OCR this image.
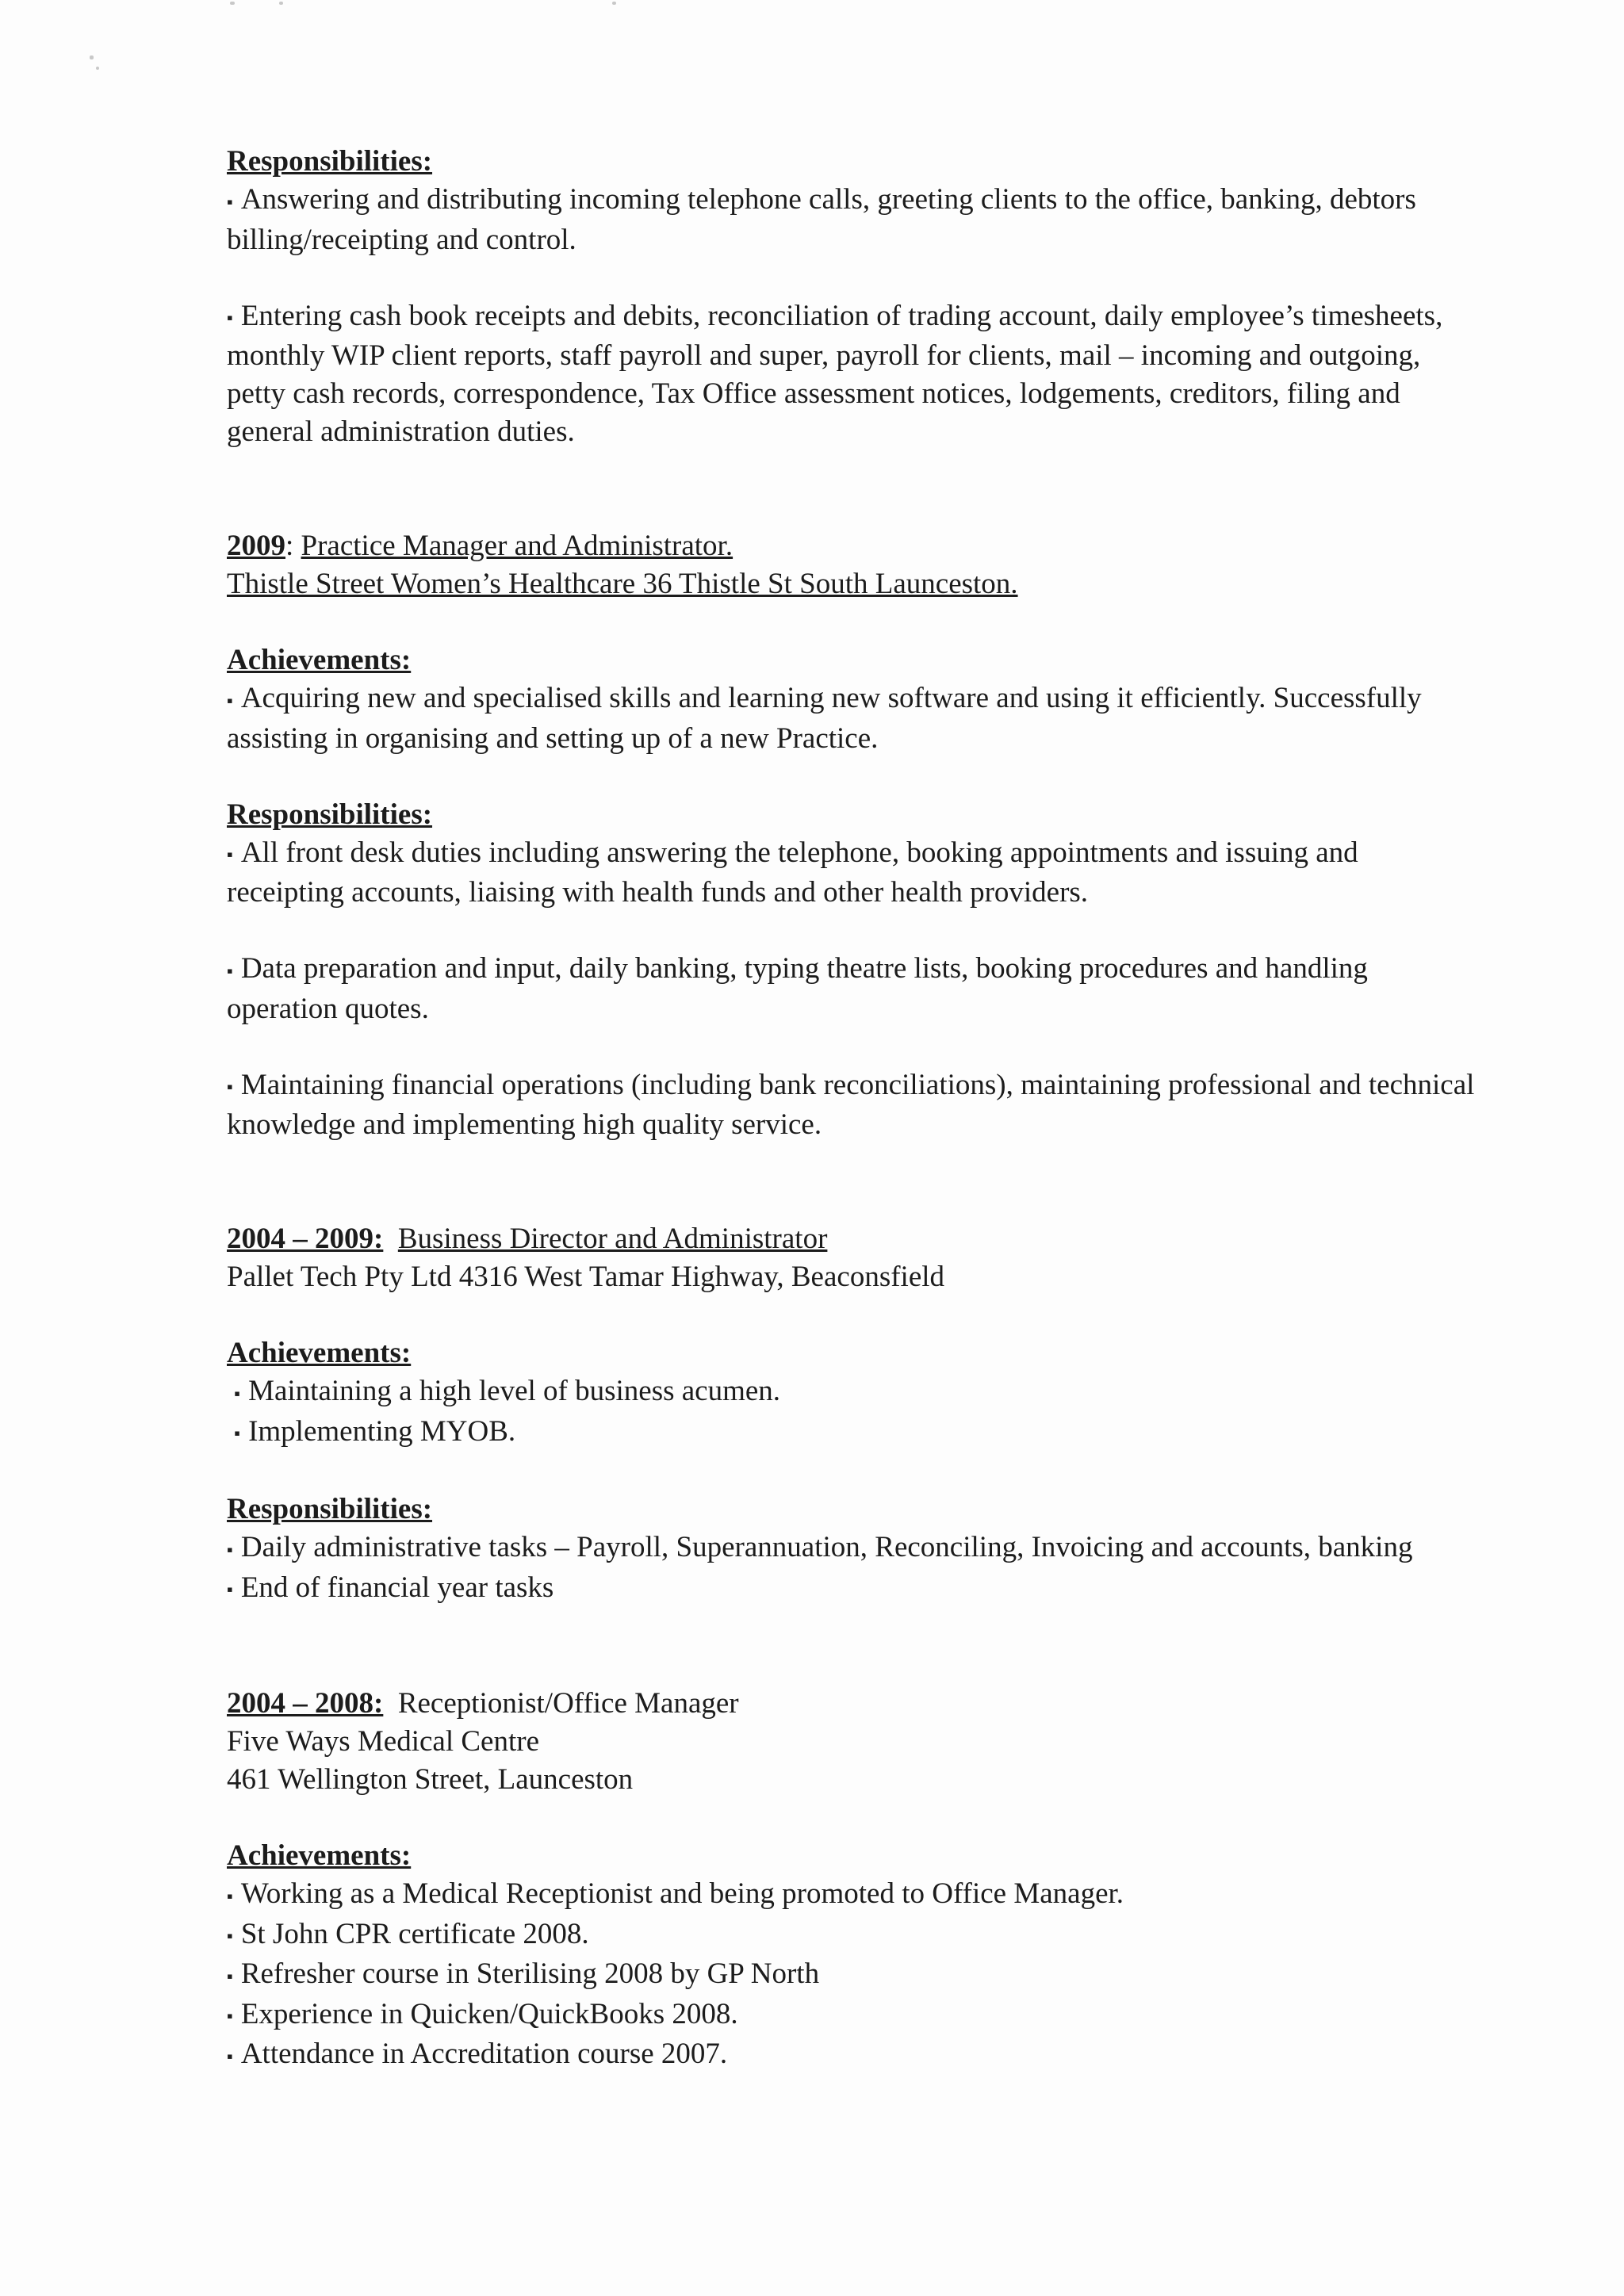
Responsibilities:

▪ Answering and distributing incoming telephone calls, greeting clients to the office, banking, debtors billing/receipting and control.

▪ Entering cash book receipts and debits, reconciliation of trading account, daily employee’s timesheets, monthly WIP client reports, staff payroll and super, payroll for clients, mail – incoming and outgoing, petty cash records, correspondence, Tax Office assessment notices, lodgements, creditors, filing and general administration duties.

2009: Practice Manager and Administrator.

Thistle Street Women’s Healthcare 36 Thistle St South Launceston.

Achievements:

▪ Acquiring new and specialised skills and learning new software and using it efficiently. Successfully assisting in organising and setting up of a new Practice.

Responsibilities:

▪ All front desk duties including answering the telephone, booking appointments and issuing and receipting accounts, liaising with health funds and other health providers.

▪ Data preparation and input, daily banking, typing theatre lists, booking procedures and handling operation quotes.

▪ Maintaining financial operations (including bank reconciliations), maintaining professional and technical knowledge and implementing high quality service.

2004 – 2009: Business Director and Administrator

Pallet Tech Pty Ltd 4316 West Tamar Highway, Beaconsfield

Achievements:

▪ Maintaining a high level of business acumen.

▪ Implementing MYOB.

Responsibilities:

▪ Daily administrative tasks – Payroll, Superannuation, Reconciling, Invoicing and accounts, banking

▪ End of financial year tasks

2004 – 2008: Receptionist/Office Manager

Five Ways Medical Centre

461 Wellington Street, Launceston

Achievements:

▪ Working as a Medical Receptionist and being promoted to Office Manager.

▪ St John CPR certificate 2008.

▪ Refresher course in Sterilising 2008 by GP North

▪ Experience in Quicken/QuickBooks 2008.

▪ Attendance in Accreditation course 2007.
